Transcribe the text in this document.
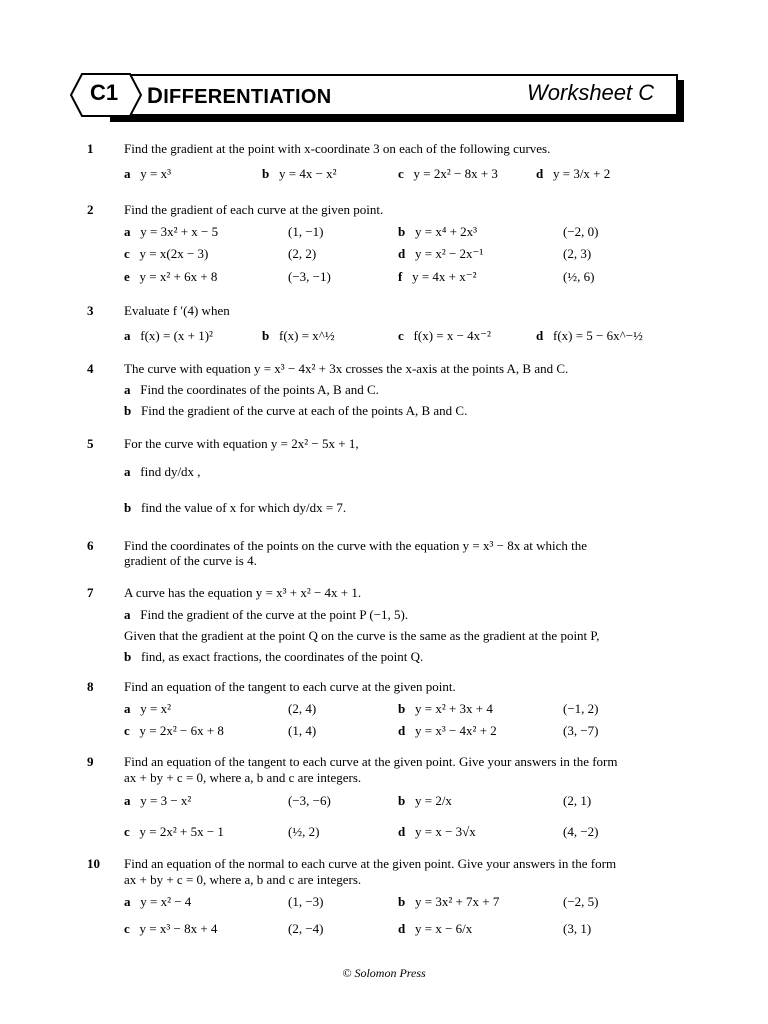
C1 DIFFERENTIATION	Worksheet C
1 Find the gradient at the point with x-coordinate 3 on each of the following curves.
a y = x³	b y = 4x − x²	c y = 2x² − 8x + 3	d y = 3/x + 2
2 Find the gradient of each curve at the given point.
a y = 3x² + x − 5	(1, −1)	b y = x⁴ + 2x³	(−2, 0)
c y = x(2x − 3)	(2, 2)	d y = x² − 2x⁻¹	(2, 3)
e y = x² + 6x + 8	(−3, −1)	f y = 4x + x⁻²	(½, 6)
3 Evaluate f ′(4) when
a f(x) = (x + 1)²	b f(x) = x^½	c f(x) = x − 4x⁻²	d f(x) = 5 − 6x^−½
4 The curve with equation y = x³ − 4x² + 3x crosses the x-axis at the points A, B and C.
a Find the coordinates of the points A, B and C.
b Find the gradient of the curve at each of the points A, B and C.
5 For the curve with equation y = 2x² − 5x + 1,
a find dy/dx ,
b find the value of x for which dy/dx = 7.
6 Find the coordinates of the points on the curve with the equation y = x³ − 8x at which the
gradient of the curve is 4.
7 A curve has the equation y = x³ + x² − 4x + 1.
a Find the gradient of the curve at the point P (−1, 5).
Given that the gradient at the point Q on the curve is the same as the gradient at the point P,
b find, as exact fractions, the coordinates of the point Q.
8 Find an equation of the tangent to each curve at the given point.
a y = x²	(2, 4)	b y = x² + 3x + 4	(−1, 2)
c y = 2x² − 6x + 8	(1, 4)	d y = x³ − 4x² + 2	(3, −7)
9 Find an equation of the tangent to each curve at the given point. Give your answers in the form
ax + by + c = 0, where a, b and c are integers.
a y = 3 − x²	(−3, −6)	b y = 2/x	(2, 1)
c y = 2x² + 5x − 1	(½, 2)	d y = x − 3√x	(4, −2)
10 Find an equation of the normal to each curve at the given point. Give your answers in the form
ax + by + c = 0, where a, b and c are integers.
a y = x² − 4	(1, −3)	b y = 3x² + 7x + 7	(−2, 5)
c y = x³ − 8x + 4	(2, −4)	d y = x − 6/x	(3, 1)
© Solomon Press
